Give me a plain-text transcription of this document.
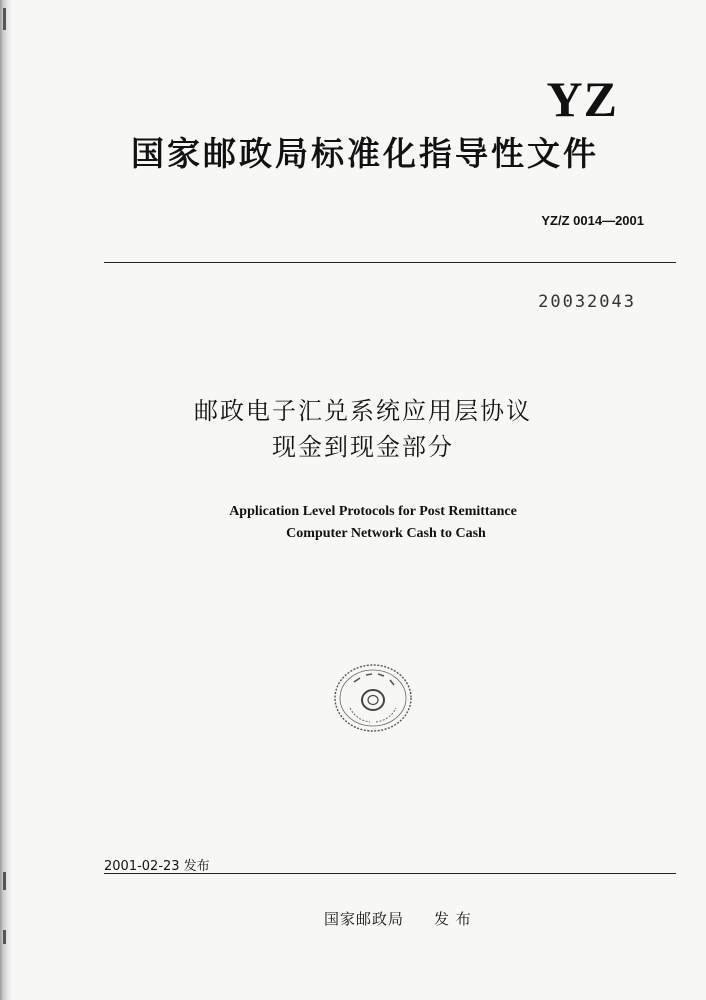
YZ
国家邮政局标准化指导性文件
YZ/Z 0014—2001
20032043
邮政电子汇兑系统应用层协议
现金到现金部分
Application Level Protocols for Post Remittance
Computer Network Cash to Cash
2001-02-23 发布
国家邮政局 发 布
